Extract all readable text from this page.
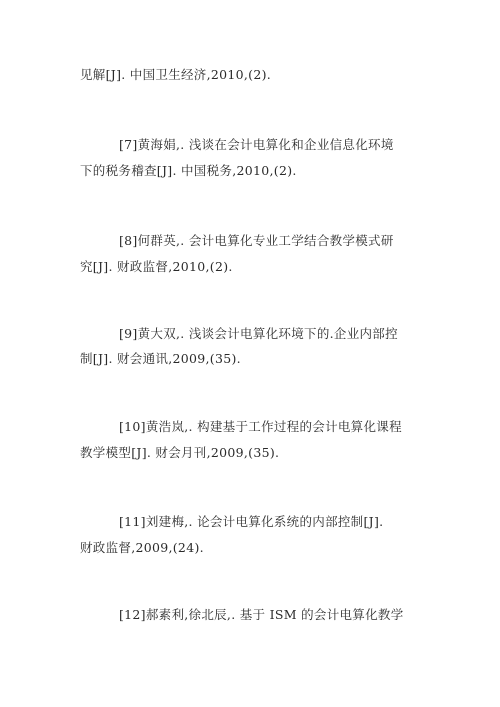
见解[J]. 中国卫生经济,2010,(2).

[7]黄海娟,. 浅谈在会计电算化和企业信息化环境

下的税务稽查[J]. 中国税务,2010,(2).

[8]何群英,. 会计电算化专业工学结合教学模式研

究[J]. 财政监督,2010,(2).

[9]黄大双,. 浅谈会计电算化环境下的.企业内部控

制[J]. 财会通讯,2009,(35).

[10]黄浩岚,. 构建基于工作过程的会计电算化课程

教学模型[J]. 财会月刊,2009,(35).

[11]刘建梅,. 论会计电算化系统的内部控制[J].

财政监督,2009,(24).

[12]郝素利,徐北辰,. 基于 ISM 的会计电算化教学
